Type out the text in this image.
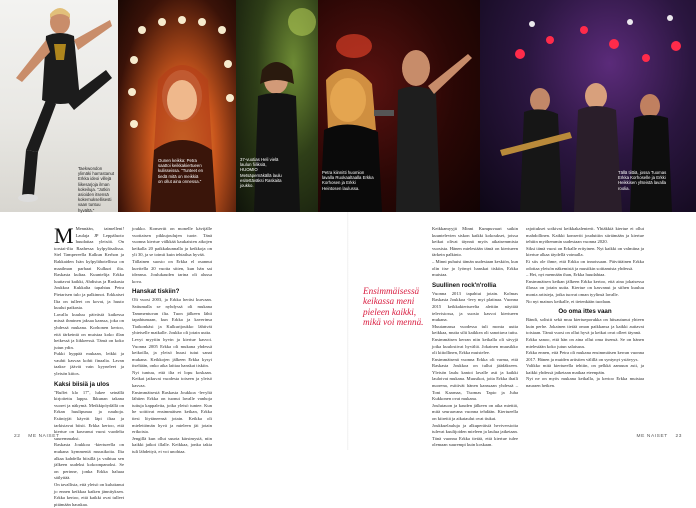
Taekwondon ylimäki harrastanut Erkka ideoi villejä liikesarjoja ilman kokeiluja. "Jotkin asioiden itsensä kokemuksellisesti vaan tuntuu hyvältä."
Ounen keikka: Petra saattoi keikkakiertueen kulisseissa. "Tunteet en tiedä mitä on meikkiä on ollut aina onnessa."
37-vuotias Heli vielä laulun fiiliksiä, HUOMIO Metsäpernäkällä laulu esitettäväksi Raskaita joukko.
Petra kiinnitti huomion lavalla Ruokaaltaalla Erkka Korhosen ja Erkki Heintosen laulussa.
Tällä tiittiä, jossa Tuomas Erkka Korhoselle ja Erkki Heikkisen yhteistä lavalla roolia.

M Mennään, taimelleni! Laulaja JP Leppäluoto huudattaa yleisöä. On torstai-ilta Raahessa kylpyläsalissa. Siel Tampereella Kalkun Kerhon ja Rakkaiden Isän kylpylähotellissa on maailman parhaat Kulkuri ilta. Raskasta kultaa. Kuuntelija Erkka luuttavat kaikki, Ahdistus ja Raskasta Joukkoa Kukkalta tapahtuu Petra Pietarisen tulo ja palkinnot. Erkkaiset Ilta on tulleet on kovat, ja huuto kuului paikasta.

Lavalla kuuluu päivästä kaikessa missä ihminen jaksaa kanssa, joka on yhdessä mukana. Korhonen kertoo, että tärkeintä on muistaa koko illan hetkessä ja liikkeessä. Tämä on koko jutun ydin.

Pukki hyppää mukaan, leikki ja vauhti kasvaa kohti finaalia. Lavan taakse jäävät vain kyyneleet ja yleisön kiitos.

Kaksi biisiä ja ulos

"Buffet klo 17", lukee seinällä kirjoitettu lappu. Ikkunan takana vuoret ja näkymä. Meikkipöydällä on Erkan huulipunaa ja nauhoja. Esiintyjät käyvät läpi iltaa ja tarkistavat biisit. Erkka kertoo, että kiertue on kasvanut vuosi vuodelta suuremmaksi.

Raskasta Joukkoa -kiertueella on mukana kymmeniä muusikoita. Ilta alkaa kahdella biisillä ja vaihtuu sen jälkeen uudeksi kokoonpanoksi. Se on perinne, jonka Erkka haluaa säilyttää.

On tavallista, että yleisö on kuluttanut jo ennen keikkaa kaiken jännityksen. Erkka kertoo, että kaikki ovat tulleet pitämään hauskaa.

joukko. Konsertit on monelle kävijälle vuottaisen pikkujoulujen tuote. Tänä vuonna kiertue välkkää kaukaisten aikojen keikalla 20 paikkakunnalla ja keikkoja on yli 30, ja se toimii kuin tehtailua hyvää.

Tällainen suosio on Erkka el osannut kuvitella 20 vuotta sitten, kun hän sai ideansa. Joulukauden tarina oli alussa kova.

Hanskat tiskiin?

Oli vuosi 2003, ja Erkka heräsi kurvaan. Sattumalla se nyhdyssä oli mukana Tammentuvan ilta. Tuon jälkeen lähti tapahtumaan, kun Erkka ja kaverinsa Tiaikonkäsi ja Kulkurijoukko lähtivät yhteiselle matkalle. Joukko oli jotain uutta.

Levyt myytiin hyvin ja kiertue kasvoi. Vuonna 2005 Erkka oli mukana yhdessä keikoilla, ja yleisö huusi tutut sanat mukana. Keikkojen jälkeen Erkka kysyi itseltään, onko aika laittaa hanskat tiskiin.

Nyt tuntuu, että ilta ei lopu koskaan. Keikat jatkuvat vuodesta toiseen ja yleisö kasvaa.

Ensimmäisestä Raskasta Joukkoa -levyltä lähtien Erkka on tuonut lavalle vanhoja tuttuja kappaleita, jotka yleisö tuntee. Kun he soittivat ensimmäisen keikan, Erkka tiesi löytäneensä jotain. Keikka oli mielettömän hyvä ja mieleen jäi jotain erikoista.

Jengillä kun ollut suurta kärsimystä, niin kaikki jatkoi illalle. Keikkaa, jonka takia tuli lähdettyä, ei voi unohtaa.

Keikkamyyjä Minni Kumpuvaari saikin kuuntelevien siskon kaikki kokoukset, joissa keikat olivat täynnä myös aikaisemmista vuosista. Hänen mielestään tämä on kiertueen tärkein palkinto.

– Minni puhuisi tämän uudestaan keskiön, kun olin itse jo lyömyt hanskat tiskiin, Erkka muistaa.

Suullinen rock'n'rollia

Vuonna 2013 tapahtui jotain. Kolmas Raskasta Joukkoa -levy myi platinaa. Vuonna 2015 keikkakiertueelta alettiin näyttää televisiossa, ja suosio kasvoi kiertueen mukana.

Muutamassa vuodessa tuli monta uutta keikkaa, mutta silti kaikkea oli sanottava tuttu. Ensimmäisen kerran niin keikalla oli sävyjä jotka kuulostivat hyvältä. Jokainen muusikko oli kiitollinen, Erkka muistelee.

Ensimmäisenä vuonna Erkka oli varma, että Raskasta Joukkoa on tullut jäädäkseen. Yleisön laulu kantoi lavalle asti ja kaikki lauloivat mukana. Muusikot, joita Erkka ihaili nuorena, esittivät hänen kanssaan yhdessä – Toni Kaarnaa, Tuomas Tapio ja Juha Kukkonen ovat mukana.

Joulutauon ja kauden jälkeen on aika miettiä, mitä seuraavana vuonna tehdään. Kiertueella on kiireitä ja aikataulut ovat tiukat.

Joukkuelauluja ja alkuperäisiä heviversioita tulevat kuulijoiden mieleen ja laulua jatketaan. Tänä vuonna Erkka tietää, että kiertue tulee olemaan suurempi kuin koskaan.

Ensimmäisessä keikassa meni pieleen kaikki, mikä voi mennä.

rajoitukset sotkivat keikkakalenterit. Yhtäkkiä kiertue ei ollut mahdollinen. Kaikki konsertit jouduttiin siirtämään ja kiertue tehtiin myöhemmin uudestaan vuonna 2020.

Siksi tämä vuosi on Erkalle erityinen. Nyt kaikki on valmiina ja kiertue alkaa täydellä voimalla.

Ei siis ole ihme, että Erkka on innoissaan. Päivittäinen Erkka odottaa yleisön näkemistä ja musiikin soittamista yhdessä.

– Hei, nyt mennään ihan, Erkka huudahtaa.

Ensimmäisen keikan jälkeen Erkka kertoo, että aina jokaisessa illassa on jotain uutta. Kiertue on kasvanut ja siihen kuuluu monia artisteja, jotka tuovat oman tyylinsä lavalle.

No nyt mainos keikalle, ei tietenkään tuodaan.

Oo oma ittes vaan

Bändi, solistit sekä muu kiertueporukka on hitsautunut yhteen kuin perhe. Jokainen tietää oman paikkansa ja kaikki auttavat toisiaan. Tämä vuosi on ollut hyvä ja keikat ovat olleet täynnä.

Erkka sanoo, että hän on aina ollut oma itsensä. Se on hänen mielestään koko jutun salaisuus.

Erkka ennen, että Petra oli mukana ensimmäisen kerran vuonna 2017. Hänen ja muiden artistien välillä on syntynyt ystävyys.

Valikko mitä kiertueella tehtiin, on pelkkä aamuun asti, ja kaikki yhdessä jatketaan matkaa eteenpäin.

Nyt ne on myös mukana keikalla, ja kertoo Erkka muistaa nauraen hetken.

22 ME NAISET	ME NAISET 23
